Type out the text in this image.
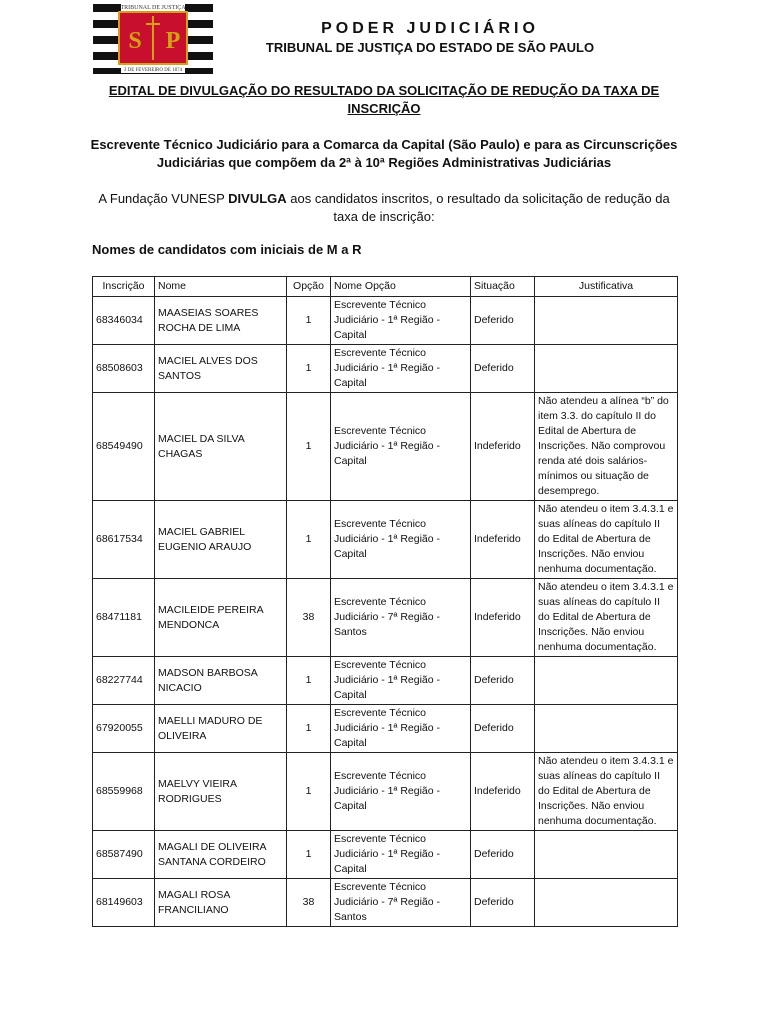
TRIBUNAL DE JUSTIÇA
S P
3 DE FEVEREIRO DE 1874
PODER JUDICIÁRIO
TRIBUNAL DE JUSTIÇA DO ESTADO DE SÃO PAULO
EDITAL DE DIVULGAÇÃO DO RESULTADO DA SOLICITAÇÃO DE REDUÇÃO DA TAXA DE INSCRIÇÃO
Escrevente Técnico Judiciário para a Comarca da Capital (São Paulo) e para as Circunscrições Judiciárias que compõem da 2ª à 10ª Regiões Administrativas Judiciárias
A Fundação VUNESP DIVULGA aos candidatos inscritos, o resultado da solicitação de redução da taxa de inscrição:
Nomes de candidatos com iniciais de M a R
Inscrição	Nome	Opção	Nome Opção	Situação	Justificativa
68346034	MAASEIAS SOARES ROCHA DE LIMA	1	Escrevente Técnico Judiciário - 1ª Região - Capital	Deferido	
68508603	MACIEL ALVES DOS SANTOS	1	Escrevente Técnico Judiciário - 1ª Região - Capital	Deferido	
68549490	MACIEL DA SILVA CHAGAS	1	Escrevente Técnico Judiciário - 1ª Região - Capital	Indeferido	Não atendeu a alínea “b” do item 3.3. do capítulo II do Edital de Abertura de Inscrições. Não comprovou renda até dois salários-mínimos ou situação de desemprego.
68617534	MACIEL GABRIEL EUGENIO ARAUJO	1	Escrevente Técnico Judiciário - 1ª Região - Capital	Indeferido	Não atendeu o item 3.4.3.1 e suas alíneas do capítulo II do Edital de Abertura de Inscrições. Não enviou nenhuma documentação.
68471181	MACILEIDE PEREIRA MENDONCA	38	Escrevente Técnico Judiciário - 7ª Região - Santos	Indeferido	Não atendeu o item 3.4.3.1 e suas alíneas do capítulo II do Edital de Abertura de Inscrições. Não enviou nenhuma documentação.
68227744	MADSON BARBOSA NICACIO	1	Escrevente Técnico Judiciário - 1ª Região - Capital	Deferido	
67920055	MAELLI MADURO DE OLIVEIRA	1	Escrevente Técnico Judiciário - 1ª Região - Capital	Deferido	
68559968	MAELVY VIEIRA RODRIGUES	1	Escrevente Técnico Judiciário - 1ª Região - Capital	Indeferido	Não atendeu o item 3.4.3.1 e suas alíneas do capítulo II do Edital de Abertura de Inscrições. Não enviou nenhuma documentação.
68587490	MAGALI DE OLIVEIRA SANTANA CORDEIRO	1	Escrevente Técnico Judiciário - 1ª Região - Capital	Deferido	
68149603	MAGALI ROSA FRANCILIANO	38	Escrevente Técnico Judiciário - 7ª Região - Santos	Deferido	
